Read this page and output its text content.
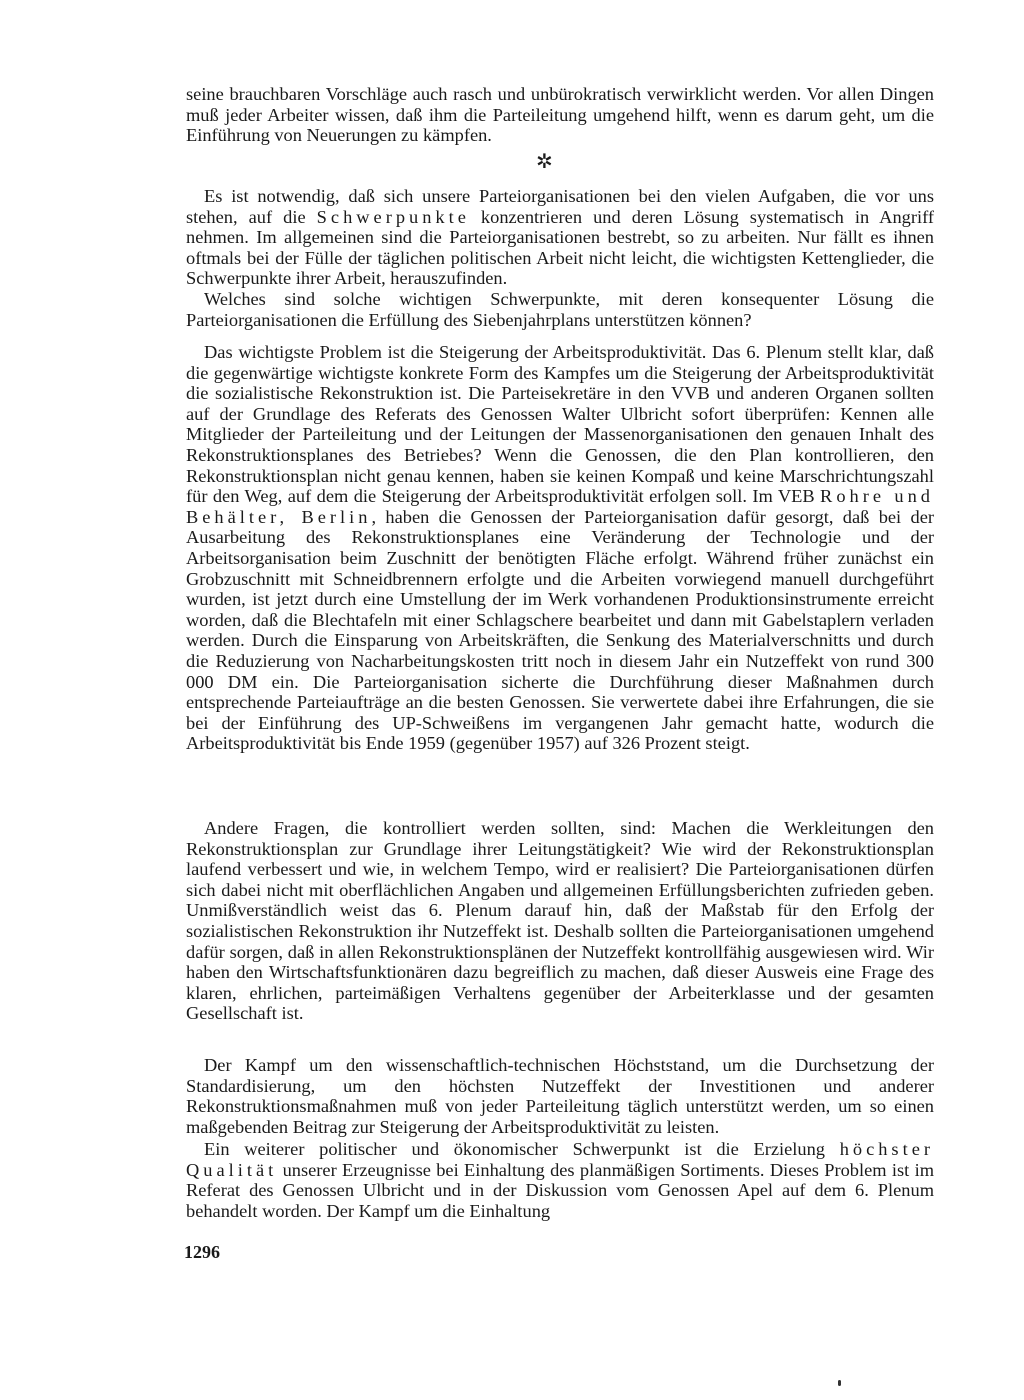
seine brauchbaren Vorschläge auch rasch und unbürokratisch verwirklicht werden. Vor allen Dingen muß jeder Arbeiter wissen, daß ihm die Parteileitung umgehend hilft, wenn es darum geht, um die Einführung von Neuerungen zu kämpfen.

✲

Es ist notwendig, daß sich unsere Parteiorganisationen bei den vielen Aufgaben, die vor uns stehen, auf die Schwerpunkte konzentrieren und deren Lösung systematisch in Angriff nehmen. Im allgemeinen sind die Parteiorganisationen bestrebt, so zu arbeiten. Nur fällt es ihnen oftmals bei der Fülle der täglichen politischen Arbeit nicht leicht, die wichtigsten Kettenglieder, die Schwerpunkte ihrer Arbeit, herauszufinden.

Welches sind solche wichtigen Schwerpunkte, mit deren konsequenter Lösung die Parteiorganisationen die Erfüllung des Siebenjahrplans unterstützen können?

Das wichtigste Problem ist die Steigerung der Arbeitsproduktivität. Das 6. Plenum stellt klar, daß die gegenwärtige wichtigste konkrete Form des Kampfes um die Steigerung der Arbeitsproduktivität die sozialistische Rekonstruktion ist. Die Parteisekretäre in den VVB und anderen Organen sollten auf der Grundlage des Referats des Genossen Walter Ulbricht sofort überprüfen: Kennen alle Mitglieder der Parteileitung und der Leitungen der Massenorganisationen den genauen Inhalt des Rekonstruktionsplanes des Betriebes? Wenn die Genossen, die den Plan kontrollieren, den Rekonstruktionsplan nicht genau kennen, haben sie keinen Kompaß und keine Marschrichtungszahl für den Weg, auf dem die Steigerung der Arbeitsproduktivität erfolgen soll. Im VEB Rohre und Behälter, Berlin, haben die Genossen der Parteiorganisation dafür gesorgt, daß bei der Ausarbeitung des Rekonstruktionsplanes eine Veränderung der Technologie und der Arbeitsorganisation beim Zuschnitt der benötigten Fläche erfolgt. Während früher zunächst ein Grobzuschnitt mit Schneidbrennern erfolgte und die Arbeiten vorwiegend manuell durchgeführt wurden, ist jetzt durch eine Umstellung der im Werk vorhandenen Produktionsinstrumente erreicht worden, daß die Blechtafeln mit einer Schlagschere bearbeitet und dann mit Gabelstaplern verladen werden. Durch die Einsparung von Arbeitskräften, die Senkung des Materialverschnitts und durch die Reduzierung von Nacharbeitungskosten tritt noch in diesem Jahr ein Nutzeffekt von rund 300 000 DM ein. Die Parteiorganisation sicherte die Durchführung dieser Maßnahmen durch entsprechende Parteiaufträge an die besten Genossen. Sie verwertete dabei ihre Erfahrungen, die sie bei der Einführung des UP-Schweißens im vergangenen Jahr gemacht hatte, wodurch die Arbeitsproduktivität bis Ende 1959 (gegenüber 1957) auf 326 Prozent steigt.

Andere Fragen, die kontrolliert werden sollten, sind: Machen die Werkleitungen den Rekonstruktionsplan zur Grundlage ihrer Leitungstätigkeit? Wie wird der Rekonstruktionsplan laufend verbessert und wie, in welchem Tempo, wird er realisiert? Die Parteiorganisationen dürfen sich dabei nicht mit oberflächlichen Angaben und allgemeinen Erfüllungsberichten zufrieden geben. Unmißverständlich weist das 6. Plenum darauf hin, daß der Maßstab für den Erfolg der sozialistischen Rekonstruktion ihr Nutzeffekt ist. Deshalb sollten die Parteiorganisationen umgehend dafür sorgen, daß in allen Rekonstruktionsplänen der Nutzeffekt kontrollfähig ausgewiesen wird. Wir haben den Wirtschaftsfunktionären dazu begreiflich zu machen, daß dieser Ausweis eine Frage des klaren, ehrlichen, parteimäßigen Verhaltens gegenüber der Arbeiterklasse und der gesamten Gesellschaft ist.

Der Kampf um den wissenschaftlich-technischen Höchststand, um die Durchsetzung der Standardisierung, um den höchsten Nutzeffekt der Investitionen und anderer Rekonstruktionsmaßnahmen muß von jeder Parteileitung täglich unterstützt werden, um so einen maßgebenden Beitrag zur Steigerung der Arbeitsproduktivität zu leisten.

Ein weiterer politischer und ökonomischer Schwerpunkt ist die Erzielung höchster Qualität unserer Erzeugnisse bei Einhaltung des planmäßigen Sortiments. Dieses Problem ist im Referat des Genossen Ulbricht und in der Diskussion vom Genossen Apel auf dem 6. Plenum behandelt worden. Der Kampf um die Einhaltung

1296
